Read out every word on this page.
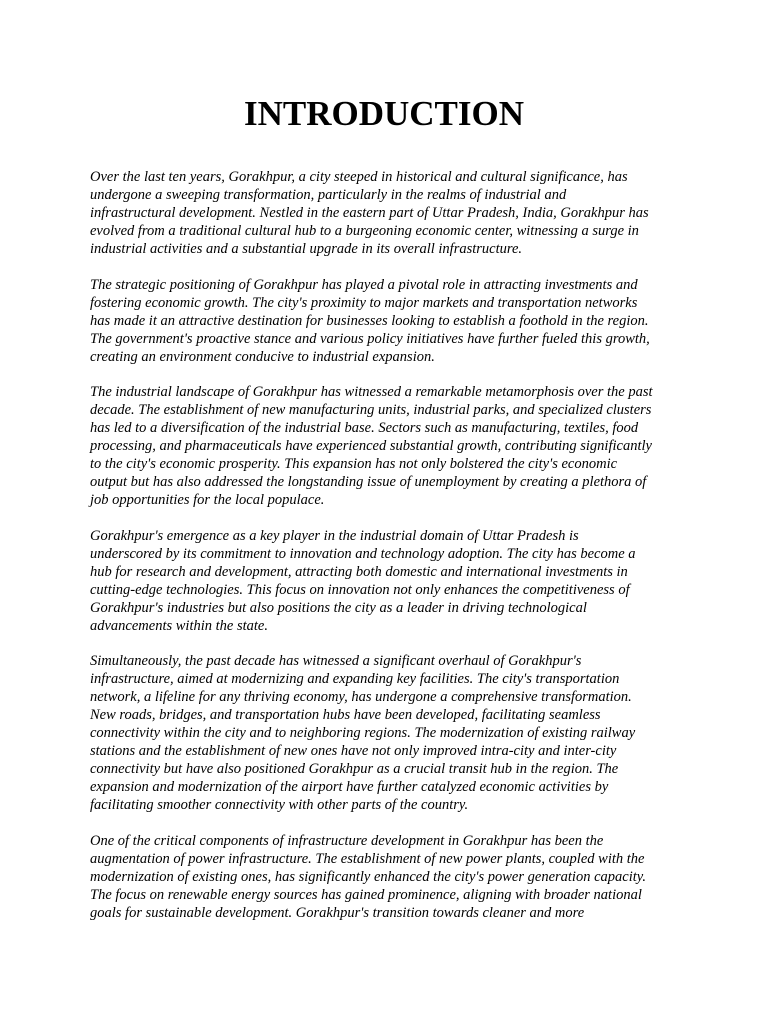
INTRODUCTION

Over the last ten years, Gorakhpur, a city steeped in historical and cultural significance, has
undergone a sweeping transformation, particularly in the realms of industrial and
infrastructural development. Nestled in the eastern part of Uttar Pradesh, India, Gorakhpur has
evolved from a traditional cultural hub to a burgeoning economic center, witnessing a surge in
industrial activities and a substantial upgrade in its overall infrastructure.

The strategic positioning of Gorakhpur has played a pivotal role in attracting investments and
fostering economic growth. The city's proximity to major markets and transportation networks
has made it an attractive destination for businesses looking to establish a foothold in the region.
The government's proactive stance and various policy initiatives have further fueled this growth,
creating an environment conducive to industrial expansion.

The industrial landscape of Gorakhpur has witnessed a remarkable metamorphosis over the past
decade. The establishment of new manufacturing units, industrial parks, and specialized clusters
has led to a diversification of the industrial base. Sectors such as manufacturing, textiles, food
processing, and pharmaceuticals have experienced substantial growth, contributing significantly
to the city's economic prosperity. This expansion has not only bolstered the city's economic
output but has also addressed the longstanding issue of unemployment by creating a plethora of
job opportunities for the local populace.

Gorakhpur's emergence as a key player in the industrial domain of Uttar Pradesh is
underscored by its commitment to innovation and technology adoption. The city has become a
hub for research and development, attracting both domestic and international investments in
cutting-edge technologies. This focus on innovation not only enhances the competitiveness of
Gorakhpur's industries but also positions the city as a leader in driving technological
advancements within the state.

Simultaneously, the past decade has witnessed a significant overhaul of Gorakhpur's
infrastructure, aimed at modernizing and expanding key facilities. The city's transportation
network, a lifeline for any thriving economy, has undergone a comprehensive transformation.
New roads, bridges, and transportation hubs have been developed, facilitating seamless
connectivity within the city and to neighboring regions. The modernization of existing railway
stations and the establishment of new ones have not only improved intra-city and inter-city
connectivity but have also positioned Gorakhpur as a crucial transit hub in the region. The
expansion and modernization of the airport have further catalyzed economic activities by
facilitating smoother connectivity with other parts of the country.

One of the critical components of infrastructure development in Gorakhpur has been the
augmentation of power infrastructure. The establishment of new power plants, coupled with the
modernization of existing ones, has significantly enhanced the city's power generation capacity.
The focus on renewable energy sources has gained prominence, aligning with broader national
goals for sustainable development. Gorakhpur's transition towards cleaner and more
